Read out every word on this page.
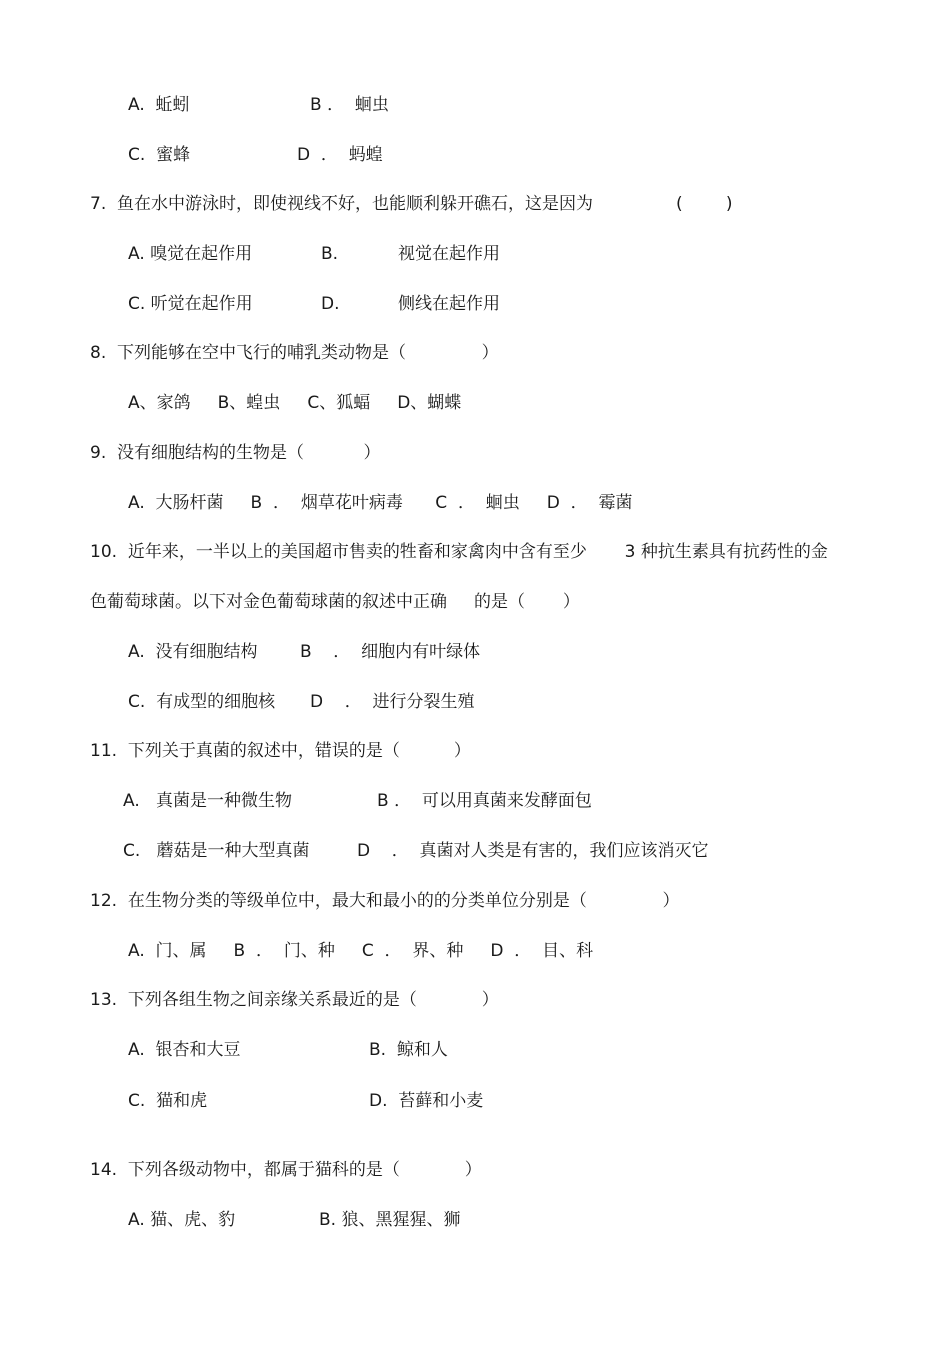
A.  蚯蚓	B ．  蛔虫
C.  蜜蜂	D  ．  蚂蝗
7.  鱼在水中游泳时，即使视线不好，也能顺利躲开礁石，这是因为	(        )
A. 嗅觉在起作用	B.	视觉在起作用
C. 听觉在起作用	D.	侧线在起作用
8.  下列能够在空中飞行的哺乳类动物是（              ）
A、家鸽     B、蝗虫     C、狐蝠     D、蝴蝶
9.  没有细胞结构的生物是（           ）
A.  大肠杆菌     B  ．  烟草花叶病毒      C  ．  蛔虫     D  ．  霉菌
10.  近年来，一半以上的美国超市售卖的牲畜和家禽肉中含有至少       3 种抗生素具有抗药性的金
色葡萄球菌。以下对金色葡萄球菌的叙述中正确     的是（       ）
A.  没有细胞结构 B    ．  细胞内有叶绿体
C.  有成型的细胞核 D    ．  进行分裂生殖
11.  下列关于真菌的叙述中，错误的是（          ）
A.   真菌是一种微生物	B ．  可以用真菌来发酵面包
C.   蘑菇是一种大型真菌	D    ．  真菌对人类是有害的，我们应该消灭它
12.  在生物分类的等级单位中，最大和最小的的分类单位分别是（              ）
A.  门、属     B  ．  门、种     C  ．  界、种     D  ．  目、科
13.  下列各组生物之间亲缘关系最近的是（            ）
A.  银杏和大豆	B.  鲸和人
C.  猫和虎	D.  苔藓和小麦
14.  下列各级动物中，都属于猫科的是（            ）
A. 猫、虎、豹	B. 狼、黑猩猩、狮
